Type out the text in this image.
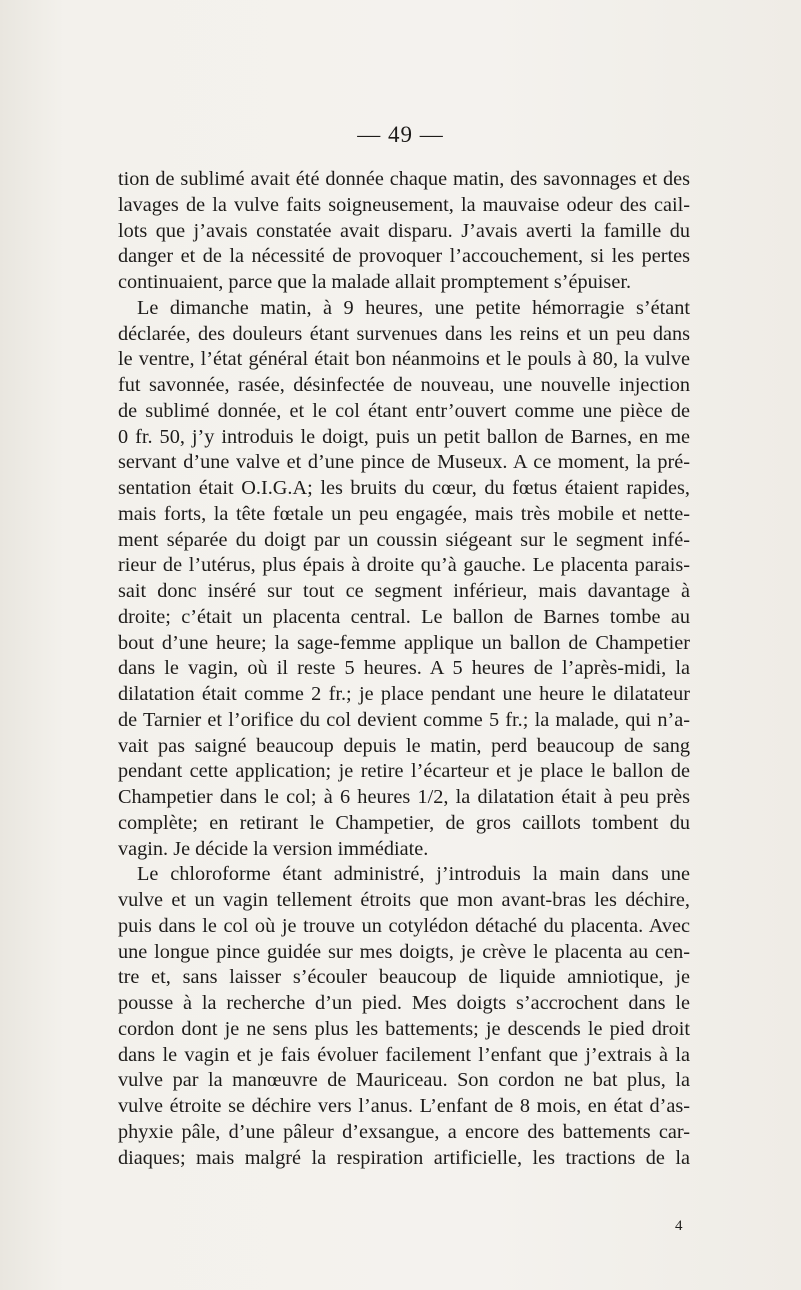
— 49 —
tion de sublimé avait été donnée chaque matin, des savonnages et des
lavages de la vulve faits soigneusement, la mauvaise odeur des cail-
lots que j’avais constatée avait disparu. J’avais averti la famille du
danger et de la nécessité de provoquer l’accouchement, si les pertes
continuaient, parce que la malade allait promptement s’épuiser.
Le dimanche matin, à 9 heures, une petite hémorragie s’étant
déclarée, des douleurs étant survenues dans les reins et un peu dans
le ventre, l’état général était bon néanmoins et le pouls à 80, la vulve
fut savonnée, rasée, désinfectée de nouveau, une nouvelle injection
de sublimé donnée, et le col étant entr’ouvert comme une pièce de
0 fr. 50, j’y introduis le doigt, puis un petit ballon de Barnes, en me
servant d’une valve et d’une pince de Museux. A ce moment, la pré-
sentation était O.I.G.A; les bruits du cœur, du fœtus étaient rapides,
mais forts, la tête fœtale un peu engagée, mais très mobile et nette-
ment séparée du doigt par un coussin siégeant sur le segment infé-
rieur de l’utérus, plus épais à droite qu’à gauche. Le placenta parais-
sait donc inséré sur tout ce segment inférieur, mais davantage à
droite; c’était un placenta central. Le ballon de Barnes tombe au
bout d’une heure; la sage-femme applique un ballon de Champetier
dans le vagin, où il reste 5 heures. A 5 heures de l’après-midi, la
dilatation était comme 2 fr.; je place pendant une heure le dilatateur
de Tarnier et l’orifice du col devient comme 5 fr.; la malade, qui n’a-
vait pas saigné beaucoup depuis le matin, perd beaucoup de sang
pendant cette application; je retire l’écarteur et je place le ballon de
Champetier dans le col; à 6 heures 1/2, la dilatation était à peu près
complète; en retirant le Champetier, de gros caillots tombent du
vagin. Je décide la version immédiate.
Le chloroforme étant administré, j’introduis la main dans une
vulve et un vagin tellement étroits que mon avant-bras les déchire,
puis dans le col où je trouve un cotylédon détaché du placenta. Avec
une longue pince guidée sur mes doigts, je crève le placenta au cen-
tre et, sans laisser s’écouler beaucoup de liquide amniotique, je
pousse à la recherche d’un pied. Mes doigts s’accrochent dans le
cordon dont je ne sens plus les battements; je descends le pied droit
dans le vagin et je fais évoluer facilement l’enfant que j’extrais à la
vulve par la manœuvre de Mauriceau. Son cordon ne bat plus, la
vulve étroite se déchire vers l’anus. L’enfant de 8 mois, en état d’as-
phyxie pâle, d’une pâleur d’exsangue, a encore des battements car-
diaques; mais malgré la respiration artificielle, les tractions de la
4
